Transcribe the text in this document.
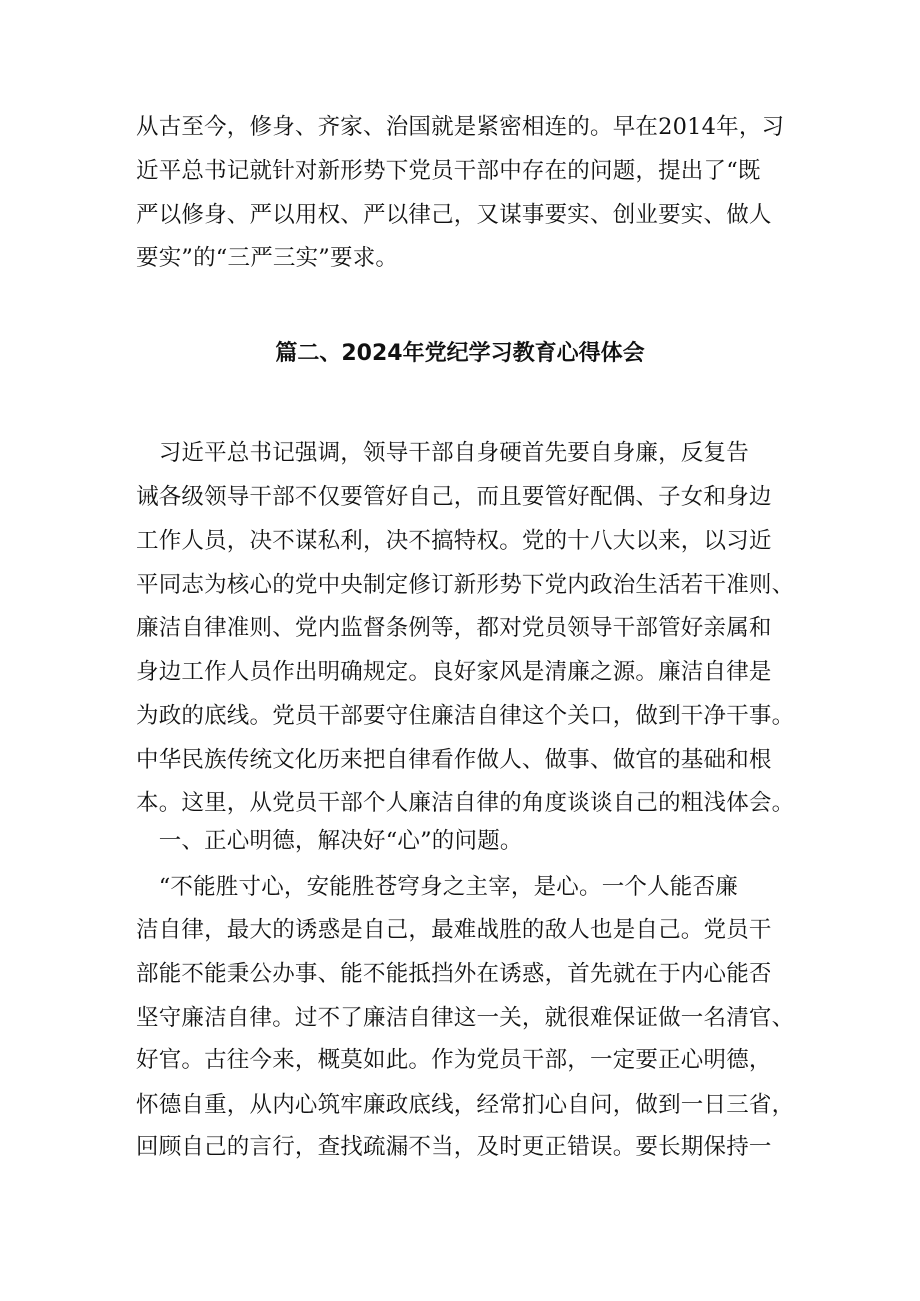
从古至今，修身、齐家、治国就是紧密相连的。早在2014年，习
近平总书记就针对新形势下党员干部中存在的问题，提出了“既
严以修身、严以用权、严以律己，又谋事要实、创业要实、做人
要实”的“三严三实”要求。
篇二、2024年党纪学习教育心得体会
　习近平总书记强调，领导干部自身硬首先要自身廉，反复告
诫各级领导干部不仅要管好自己，而且要管好配偶、子女和身边
工作人员，决不谋私利，决不搞特权。党的十八大以来，以习近
平同志为核心的党中央制定修订新形势下党内政治生活若干准则、
廉洁自律准则、党内监督条例等，都对党员领导干部管好亲属和
身边工作人员作出明确规定。良好家风是清廉之源。廉洁自律是
为政的底线。党员干部要守住廉洁自律这个关口，做到干净干事。
中华民族传统文化历来把自律看作做人、做事、做官的基础和根
本。这里，从党员干部个人廉洁自律的角度谈谈自己的粗浅体会。
　一、正心明德，解决好“心”的问题。
　“不能胜寸心，安能胜苍穹身之主宰，是心。一个人能否廉
洁自律，最大的诱惑是自己，最难战胜的敌人也是自己。党员干
部能不能秉公办事、能不能抵挡外在诱惑，首先就在于内心能否
坚守廉洁自律。过不了廉洁自律这一关，就很难保证做一名清官、
好官。古往今来，概莫如此。作为党员干部，一定要正心明德，
怀德自重，从内心筑牢廉政底线，经常扪心自问，做到一日三省，
回顾自己的言行，查找疏漏不当，及时更正错误。要长期保持一
